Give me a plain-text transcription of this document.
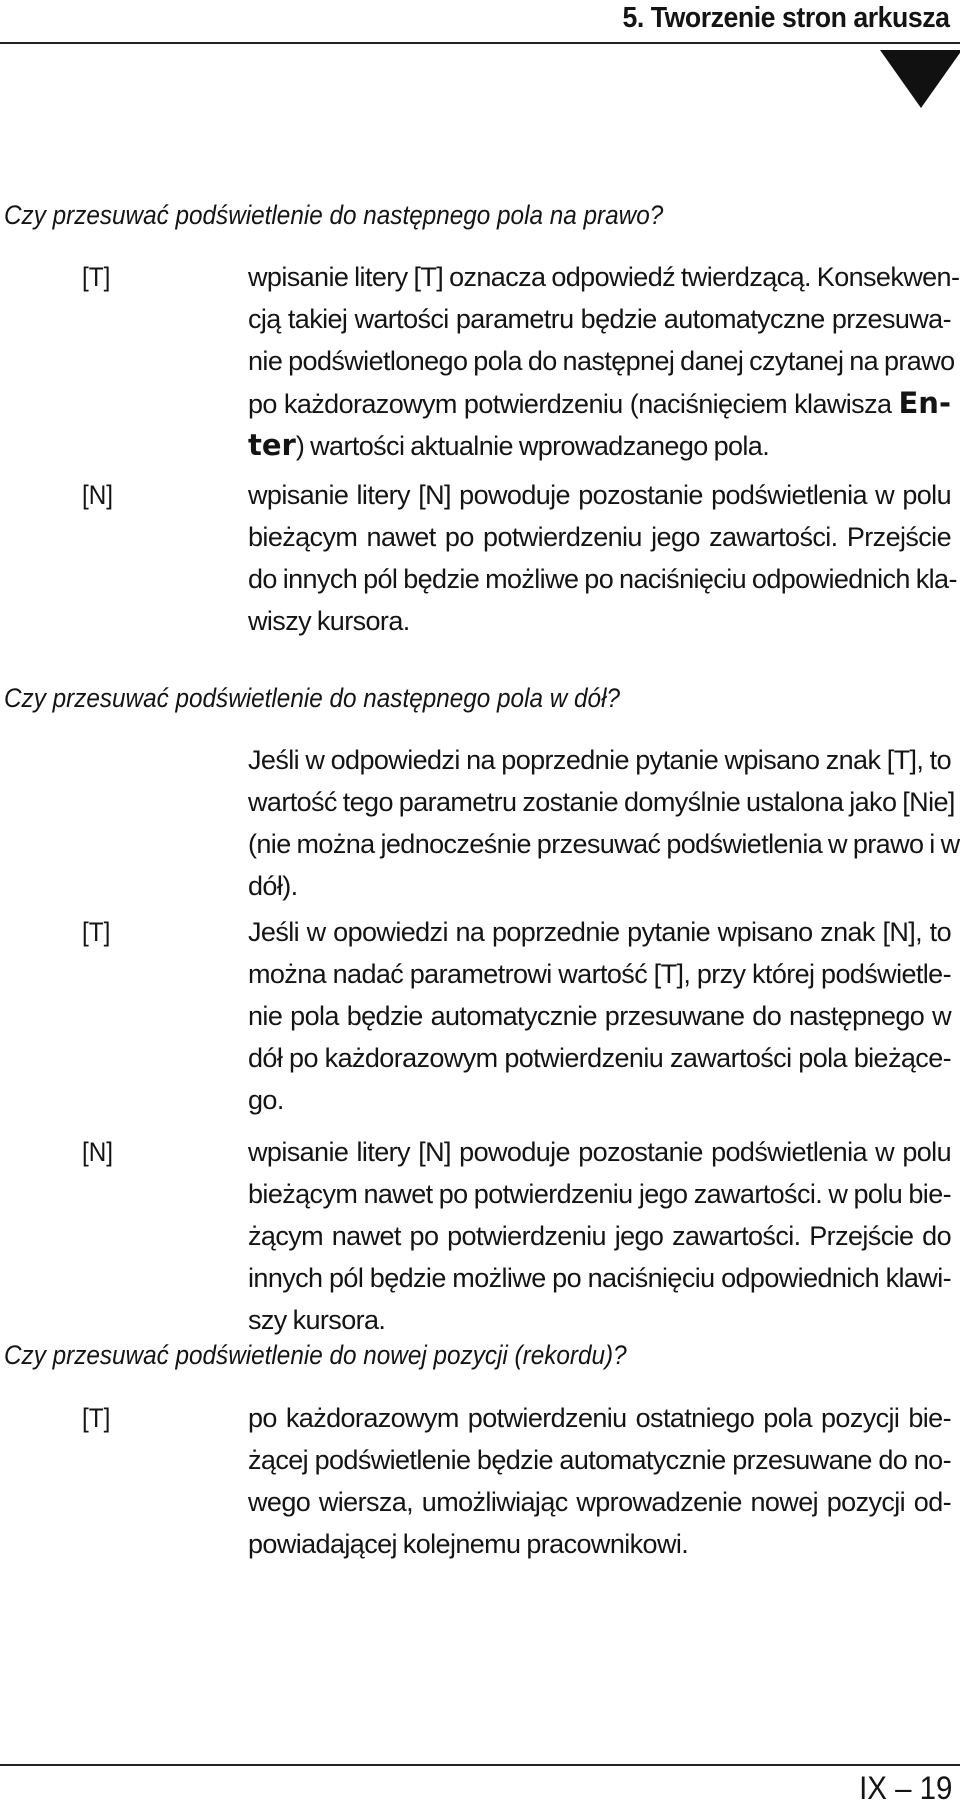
5. Tworzenie stron arkusza
Czy przesuwać podświetlenie do następnego pola na prawo?
[T]	wpisanie litery [T] oznacza odpowiedź twierdzącą. Konsekwen-
cją takiej wartości parametru będzie automatyczne przesuwa-
nie podświetlonego pola do następnej danej czytanej na prawo
po każdorazowym potwierdzeniu (naciśnięciem klawisza En-
ter) wartości aktualnie wprowadzanego pola.
[N]	wpisanie litery [N] powoduje pozostanie podświetlenia w polu
bieżącym nawet po potwierdzeniu jego zawartości. Przejście
do innych pól będzie możliwe po naciśnięciu odpowiednich kla-
wiszy kursora.
Czy przesuwać podświetlenie do następnego pola w dół?
Jeśli w odpowiedzi na poprzednie pytanie wpisano znak [T], to
wartość tego parametru zostanie domyślnie ustalona jako [Nie]
(nie można jednocześnie przesuwać podświetlenia w prawo i w
dół).
[T]	Jeśli w opowiedzi na poprzednie pytanie wpisano znak [N], to
można nadać parametrowi wartość [T], przy której podświetle-
nie pola będzie automatycznie przesuwane do następnego w
dół po każdorazowym potwierdzeniu zawartości pola bieżące-
go.
[N]	wpisanie litery [N] powoduje pozostanie podświetlenia w polu
bieżącym nawet po potwierdzeniu jego zawartości. w polu bie-
żącym nawet po potwierdzeniu jego zawartości. Przejście do
innych pól będzie możliwe po naciśnięciu odpowiednich klawi-
szy kursora.
Czy przesuwać podświetlenie do nowej pozycji (rekordu)?
[T]	po każdorazowym potwierdzeniu ostatniego pola pozycji bie-
żącej podświetlenie będzie automatycznie przesuwane do no-
wego wiersza, umożliwiając wprowadzenie nowej pozycji od-
powiadającej kolejnemu pracownikowi.
IX – 19
